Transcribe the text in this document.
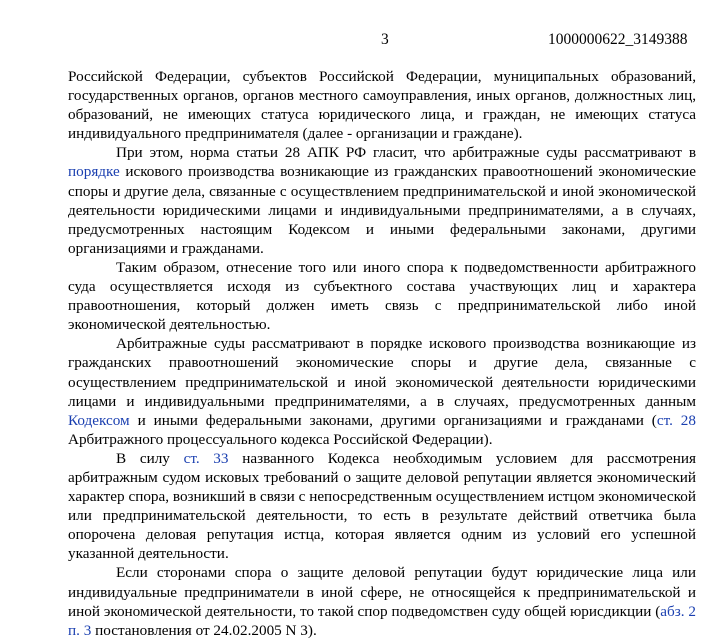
3	1000000622_3149388

Российской Федерации, субъектов Российской Федерации, муниципальных образований, государственных органов, органов местного самоуправления, иных органов, должностных лиц, образований, не имеющих статуса юридического лица, и граждан, не имеющих статуса индивидуального предпринимателя (далее - организации и граждане).

При этом, норма статьи 28 АПК РФ гласит, что арбитражные суды рассматривают в порядке искового производства возникающие из гражданских правоотношений экономические споры и другие дела, связанные с осуществлением предпринимательской и иной экономической деятельности юридическими лицами и индивидуальными предпринимателями, а в случаях, предусмотренных настоящим Кодексом и иными федеральными законами, другими организациями и гражданами.

Таким образом, отнесение того или иного спора к подведомственности арбитражного суда осуществляется исходя из субъектного состава участвующих лиц и характера правоотношения, который должен иметь связь с предпринимательской либо иной экономической деятельностью.

Арбитражные суды рассматривают в порядке искового производства возникающие из гражданских правоотношений экономические споры и другие дела, связанные с осуществлением предпринимательской и иной экономической деятельности юридическими лицами и индивидуальными предпринимателями, а в случаях, предусмотренных данным Кодексом и иными федеральными законами, другими организациями и гражданами (ст. 28 Арбитражного процессуального кодекса Российской Федерации).

В силу ст. 33 названного Кодекса необходимым условием для рассмотрения арбитражным судом исковых требований о защите деловой репутации является экономический характер спора, возникший в связи с непосредственным осуществлением истцом экономической или предпринимательской деятельности, то есть в результате действий ответчика была опорочена деловая репутация истца, которая является одним из условий его успешной указанной деятельности.

Если сторонами спора о защите деловой репутации будут юридические лица или индивидуальные предприниматели в иной сфере, не относящейся к предпринимательской и иной экономической деятельности, то такой спор подведомствен суду общей юрисдикции (абз. 2 п. 3 постановления от 24.02.2005 N 3).
